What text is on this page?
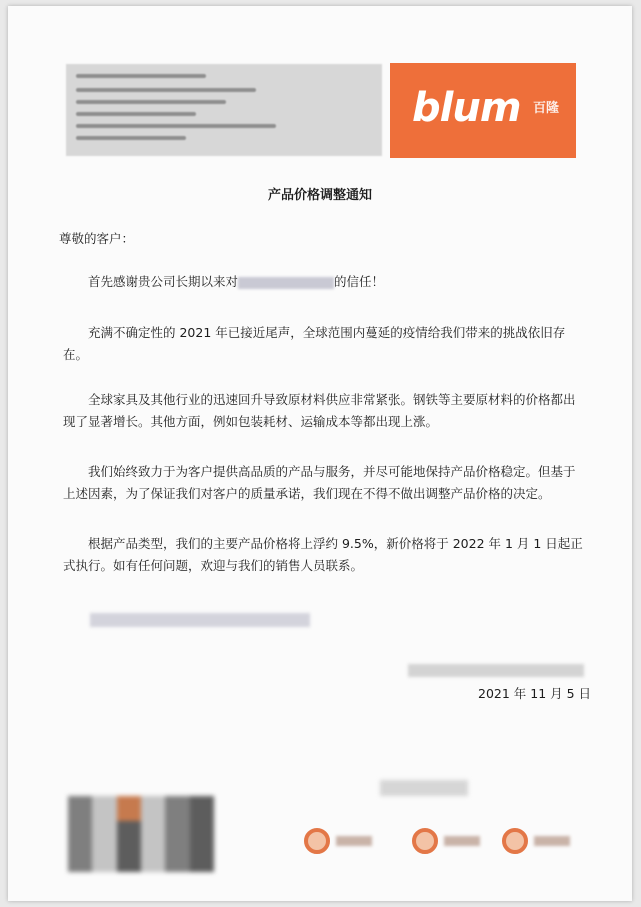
blum 百隆
产品价格调整通知

尊敬的客户：

首先感谢贵公司长期以来对	的信任！

充满不确定性的 2021 年已接近尾声，全球范围内蔓延的疫情给我们带来的挑战依旧存在。

全球家具及其他行业的迅速回升导致原材料供应非常紧张。钢铁等主要原材料的价格都出现了显著增长。其他方面，例如包装耗材、运输成本等都出现上涨。

我们始终致力于为客户提供高品质的产品与服务，并尽可能地保持产品价格稳定。但基于上述因素，为了保证我们对客户的质量承诺，我们现在不得不做出调整产品价格的决定。

根据产品类型，我们的主要产品价格将上浮约 9.5%，新价格将于 2022 年 1 月 1 日起正式执行。如有任何问题，欢迎与我们的销售人员联系。

2021 年 11 月 5 日
